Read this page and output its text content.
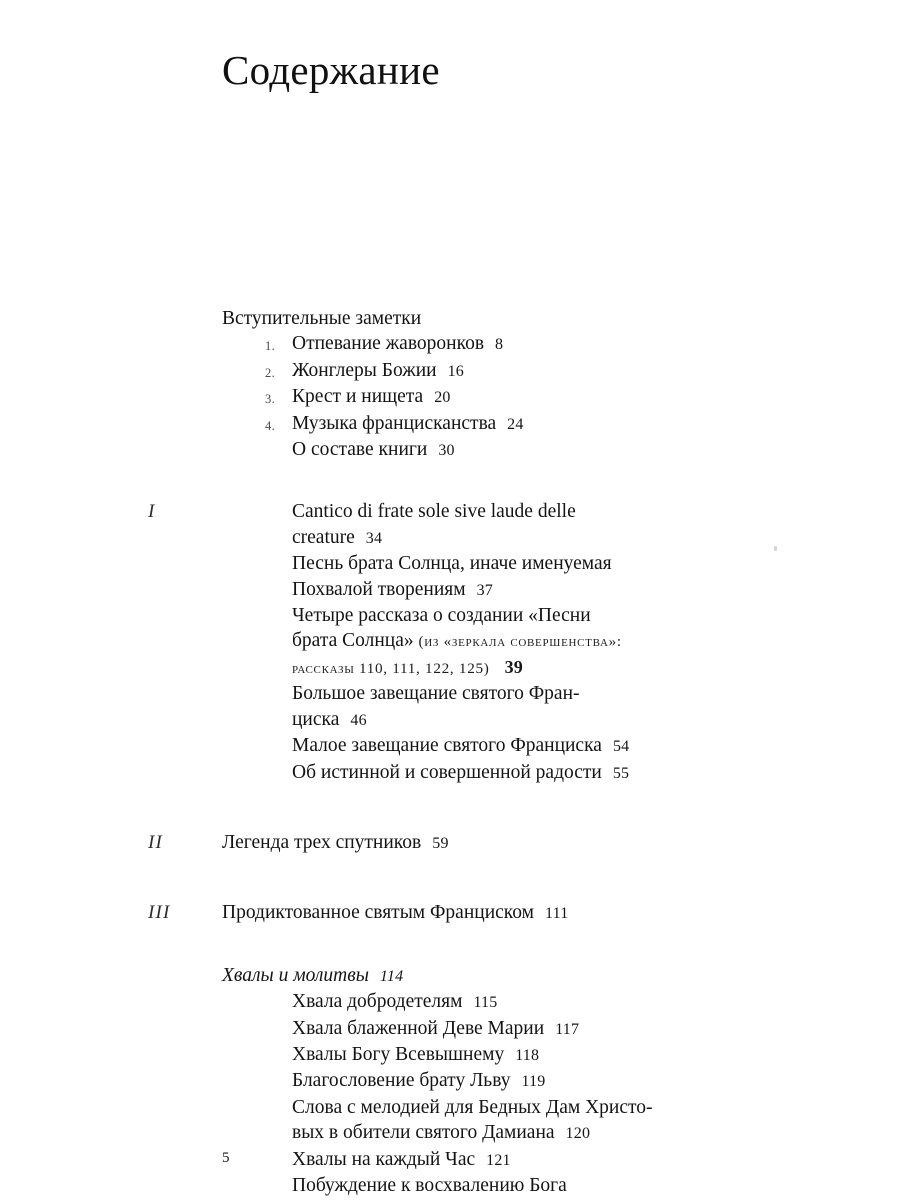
Содержание
Вступительные заметки
1. Отпевание жаворонков 8
2. Жонглеры Божии 16
3. Крест и нищета 20
4. Музыка францисканства 24
О составе книги 30
I	Cantico di frate sole sive laude delle
creature 34
Песнь брата Солнца, иначе именуемая
Похвалой творениям 37
Четыре рассказа о создании «Песни
брата Солнца» (из «зеркала совершенства»:
рассказы 110, 111, 122, 125) 39
Большое завещание святого Фран-
циска 46
Малое завещание святого Франциска 54
Об истинной и совершенной радости 55
II	Легенда трех спутников 59
III	Продиктованное святым Франциском 111
Хвалы и молитвы 114
Хвала добродетелям 115
Хвала блаженной Деве Марии 117
Хвалы Богу Всевышнему 118
Благословение брату Льву 119
Слова с мелодией для Бедных Дам Христо-
вых в обители святого Дамиана 120
Хвалы на каждый Час 121
Побуждение к восхвалению Бога
5
